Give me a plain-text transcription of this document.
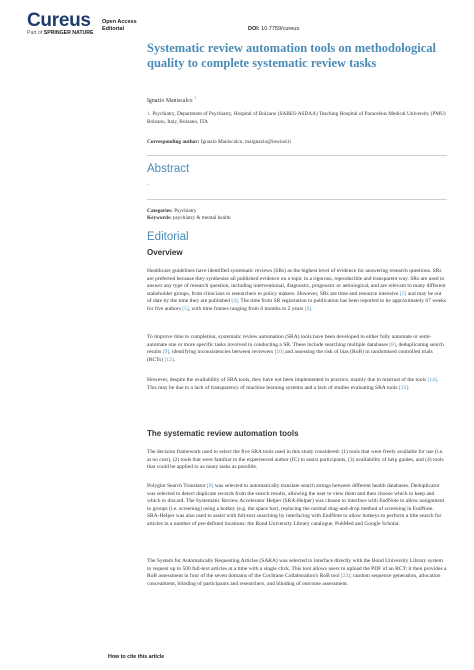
Cureus
Part of SPRINGER NATURE
Open Access
Editorial	DOI: 10.7759/cureus.
Systematic review automation tools on methodological quality to complete systematic review tasks
Ignazio Maniscalco $^1$
1. Psychiatry, Department of Psychiatry, Hospital of Bolzano (SABES-ASDAA) Teaching Hospital of Paracelsus Medical University (PMU) Bolzano, Italy, Bolzano, ITA
Corresponding author: Ignazio Maniscalco, maignazio@inwind.it
Abstract
.
Categories: Psychiatry
Keywords: psychiatry & mental health
Editorial
Overview
Healthcare guidelines have identified systematic reviews (SRs) as the highest level of evidence for answering research questions. SRs are preferred because they synthesise all published evidence on a topic in a rigorous, reproducible and transparent way. SRs are used to answer any type of research question, including interventional, diagnostic, prognostic or aetiological, and are relevant to many different stakeholder groups, from clinicians to researchers to policy makers. However, SRs are time and resource intensive [5] and may be out of date by the time they are published [4]. The time from SR registration to publication has been reported to be approximately 67 weeks for five authors [5], with time frames ranging from 6 months to 2 years [6].
To improve time to completion, systematic review automation (SRA) tools have been developed to either fully automate or semi-automate one or more specific tasks involved in conducting a SR. These include searching multiple databases [8], deduplicating search results [9], identifying inconsistencies between reviewers [10] and assessing the risk of bias (RoB) in randomised controlled trials (RCTs) [12].
However, despite the availability of SRA tools, they have not been implemented in practice, mainly due to mistrust of the tools [14]. This may be due to a lack of transparency of machine learning systems and a lack of studies evaluating SRA tools [15].
The systematic review automation tools
The decision framework used to select the five SRA tools used in this study considered: (1) tools that were freely available for use (i.e. at no cost), (2) tools that were familiar to the experienced author (IC) to assist participants, (3) availability of help guides, and (4) tools that could be applied to as many tasks as possible.
Polyglot Search Translator [8] was selected to automatically translate search strings between different health databases. Deduplicator was selected to detect duplicate records from the search results, allowing the user to view them and then choose which to keep and which to discard. The Systematic Review Accelerator Helper (SRA-Helper) was chosen to interface with EndNote to allow assignment to groups (i.e. screening) using a hotkey (e.g. the space bar), replacing the normal drag-and-drop method of screening in EndNote. SRA-Helper was also used to assist with full-text searching by interfacing with EndNote to allow hotkeys to perform a title search for articles in a number of pre-defined locations: the Bond University Library catalogue, PubMed and Google Scholar.
The System for Automatically Requesting Articles (SARA) was selected to interface directly with the Bond University Library system to request up to 500 full-text articles at a time with a single click. This tool allows users to upload the PDF of an RCT; it then provides a RoB assessment in four of the seven domains of the Cochrane Collaboration's RoB tool [23]: random sequence generation, allocation concealment, blinding of participants and researchers, and blinding of outcome assessment.
How to cite this article
